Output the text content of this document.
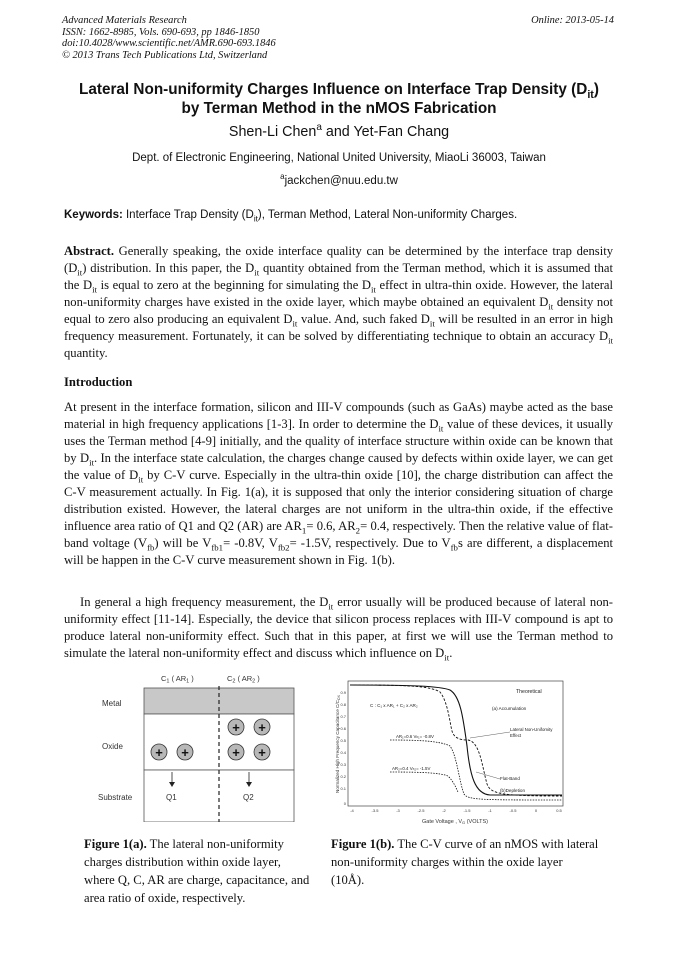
Advanced Materials Research
ISSN: 1662-8985, Vols. 690-693, pp 1846-1850
doi:10.4028/www.scientific.net/AMR.690-693.1846
© 2013 Trans Tech Publications Ltd, Switzerland
Online: 2013-05-14
Lateral Non-uniformity Charges Influence on Interface Trap Density $(D_{it})$
by Terman Method in the nMOS Fabrication
Shen-Li Chen$^a$ and Yet-Fan Chang
Dept. of Electronic Engineering, National United University, MiaoLi 36003, Taiwan
$^a$jackchen@nuu.edu.tw
Keywords: Interface Trap Density $(D_{it})$, Terman Method, Lateral Non-uniformity Charges.
Abstract. Generally speaking, the oxide interface quality can be determined by the interface trap density $(D_{it})$ distribution. In this paper, the $D_{it}$ quantity obtained from the Terman method, which it is assumed that the $D_{it}$ is equal to zero at the beginning for simulating the $D_{it}$ effect in ultra-thin oxide. However, the lateral non-uniformity charges have existed in the oxide layer, which maybe obtained an equivalent $D_{it}$ density not equal to zero also producing an equivalent $D_{it}$ value. And, such faked $D_{it}$ will be resulted in an error in high frequency measurement. Fortunately, it can be solved by differentiating technique to obtain an accuracy $D_{it}$ quantity.
Introduction
At present in the interface formation, silicon and III-V compounds (such as GaAs) maybe acted as the base material in high frequency applications [1-3]. In order to determine the $D_{it}$ value of these devices, it usually uses the Terman method [4-9] initially, and the quality of interface structure within oxide can be known that by $D_{it}$. In the interface state calculation, the charges change caused by defects within oxide layer, we can get the value of $D_{it}$ by C-V curve. Especially in the ultra-thin oxide [10], the charge distribution can affect the C-V measurement actually. In Fig. 1(a), it is supposed that only the interior considering situation of charge distribution existed. However, the lateral charges are not uniform in the ultra-thin oxide, if the effective influence area ratio of Q1 and Q2 (AR) are $AR_1= 0.6$, $AR_2= 0.4$, respectively. Then the relative value of flat-band voltage $(V_{fb})$ will be $V_{fb1}= -0.8V$, $V_{fb2}= -1.5V$, respectively. Due to $V_{fb}s$ are different, a displacement will be happen in the C-V curve measurement shown in Fig. 1(b).
In general a high frequency measurement, the $D_{it}$ error usually will be produced because of lateral non-uniformity effect [11-14]. Especially, the device that silicon process replaces with III-V compound is apt to produce lateral non-uniformity effect. Such that in this paper, at first we will use the Terman method to simulate the lateral non-uniformity effect and discuss which influence on $D_{it}$.
$C_1$ ( $AR_1$ )	$C_2$ ( $AR_2$ )
Metal
Oxide
Substrate
+ +
+ +
+ +
Q1	Q2
Normalized High Frequency Capacitance $C/C_{OX}$
0.9
0.8
0.7
0.6
0.5
0.4
0.3
0.2
0.1
0
-4	-3.5	-3	-2.5	-2	-1.5	-1	-0.5	0	0.5
Gate Voltage , VG (VOLTS)
Theoretical
C : C₁ x AR₁ + C₂ x AR₂
(a) Accumulation
Lateral Non-Unifomity
Effect
AR₁=0.6 Vₕ₁= -0.8V
AR₂=0.4 Vₕ₂= -1.5V
Flat-Band
(b)Depletion
Figure 1(a). The lateral non-uniformity charges distribution within oxide layer, where Q, C, AR are charge, capacitance, and area ratio of oxide, respectively.
Figure 1(b). The C-V curve of an nMOS with lateral non-uniformity charges within the oxide layer (10Å).
